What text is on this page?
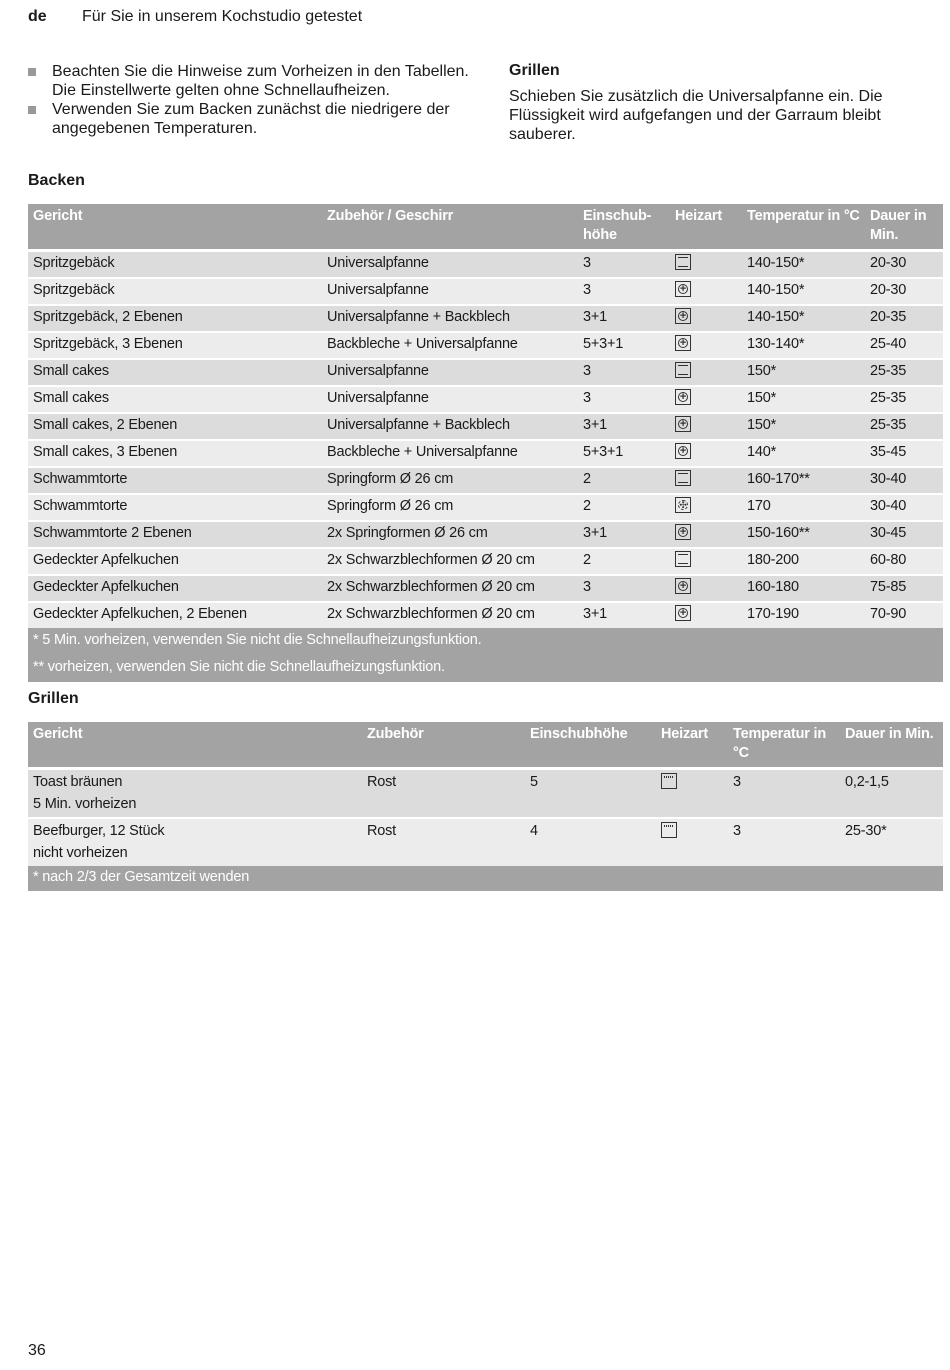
de Für Sie in unserem Kochstudio getestet
Beachten Sie die Hinweise zum Vorheizen in den Tabellen. Die Einstellwerte gelten ohne Schnellaufheizen.
Verwenden Sie zum Backen zunächst die niedrigere der angegebenen Temperaturen.
Grillen

Schieben Sie zusätzlich die Universalpfanne ein. Die Flüssigkeit wird aufgefangen und der Garraum bleibt sauberer.

Backen
Gericht	Zubehör / Geschirr	Einschub-höhe	Heizart	Temperatur in °C	Dauer in Min.
Spritzgebäck	Universalpfanne	3		140-150*	20-30
Spritzgebäck	Universalpfanne	3	+	140-150*	20-30
Spritzgebäck, 2 Ebenen	Universalpfanne + Backblech	3+1	+	140-150*	20-35
Spritzgebäck, 3 Ebenen	Backbleche + Universalpfanne	5+3+1	+	130-140*	25-40
Small cakes	Universalpfanne	3		150*	25-35
Small cakes	Universalpfanne	3	+	150*	25-35
Small cakes, 2 Ebenen	Universalpfanne + Backblech	3+1	+	150*	25-35
Small cakes, 3 Ebenen	Backbleche + Universalpfanne	5+3+1	+	140*	35-45
Schwammtorte	Springform Ø 26 cm	2		160-170**	30-40
Schwammtorte	Springform Ø 26 cm	2	✣	170	30-40
Schwammtorte 2 Ebenen	2x Springformen Ø 26 cm	3+1	+	150-160**	30-45
Gedeckter Apfelkuchen	2x Schwarzblechformen Ø 20 cm	2		180-200	60-80
Gedeckter Apfelkuchen	2x Schwarzblechformen Ø 20 cm	3	+	160-180	75-85
Gedeckter Apfelkuchen, 2 Ebenen	2x Schwarzblechformen Ø 20 cm	3+1	+	170-190	70-90
* 5 Min. vorheizen, verwenden Sie nicht die Schnellaufheizungsfunktion.					
** vorheizen, verwenden Sie nicht die Schnellaufheizungsfunktion.					
Grillen
Gericht	Zubehör	Einschubhöhe	Heizart	Temperatur in °C	Dauer in Min.

Toast bräunen
5 Min. vorheizen	Rost	5		3	0,2-1,5

Beefburger, 12 Stück
nicht vorheizen	Rost	4		3	25-30*
* nach 2/3 der Gesamtzeit wenden					
36
